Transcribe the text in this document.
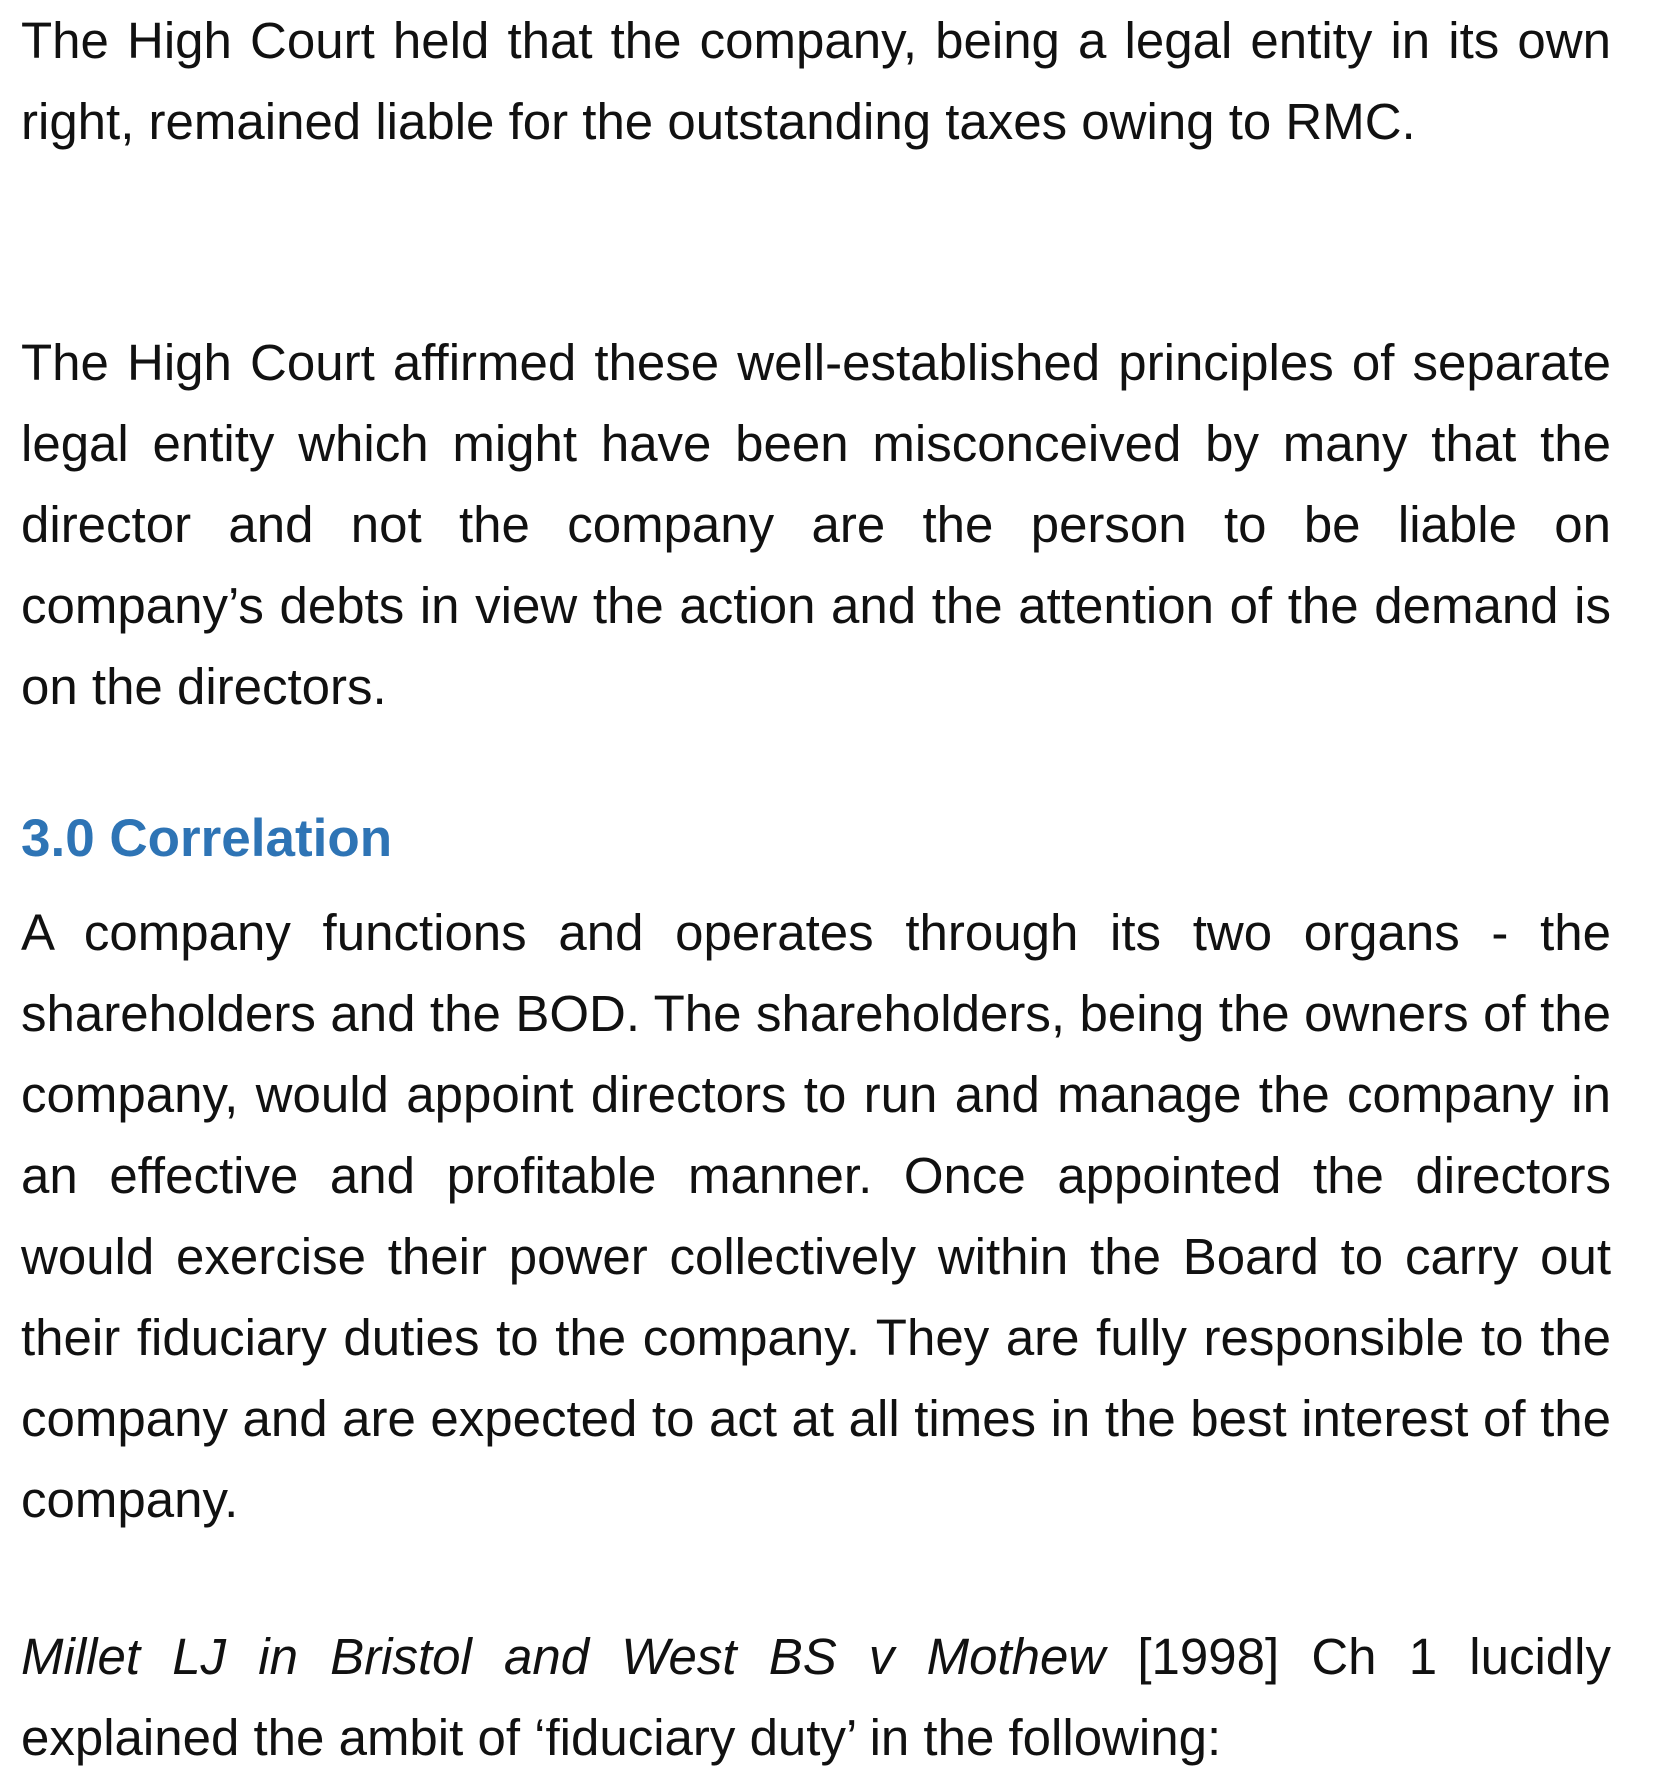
The High Court held that the company, being a legal entity in its own right, remained liable for the outstanding taxes owing to RMC.

The High Court affirmed these well-established principles of separate legal entity which might have been misconceived by many that the director and not the company are the person to be liable on company’s debts in view the action and the attention of the demand is on the directors.

3.0 Correlation

A company functions and operates through its two organs - the shareholders and the BOD. The shareholders, being the owners of the company, would appoint directors to run and manage the company in an effective and profitable manner. Once appointed the directors would exercise their power collectively within the Board to carry out their fiduciary duties to the company. They are fully responsible to the company and are expected to act at all times in the best interest of the company.

Millet LJ in Bristol and West BS v Mothew [1998] Ch 1 lucidly explained the ambit of ‘fiduciary duty’ in the following:
